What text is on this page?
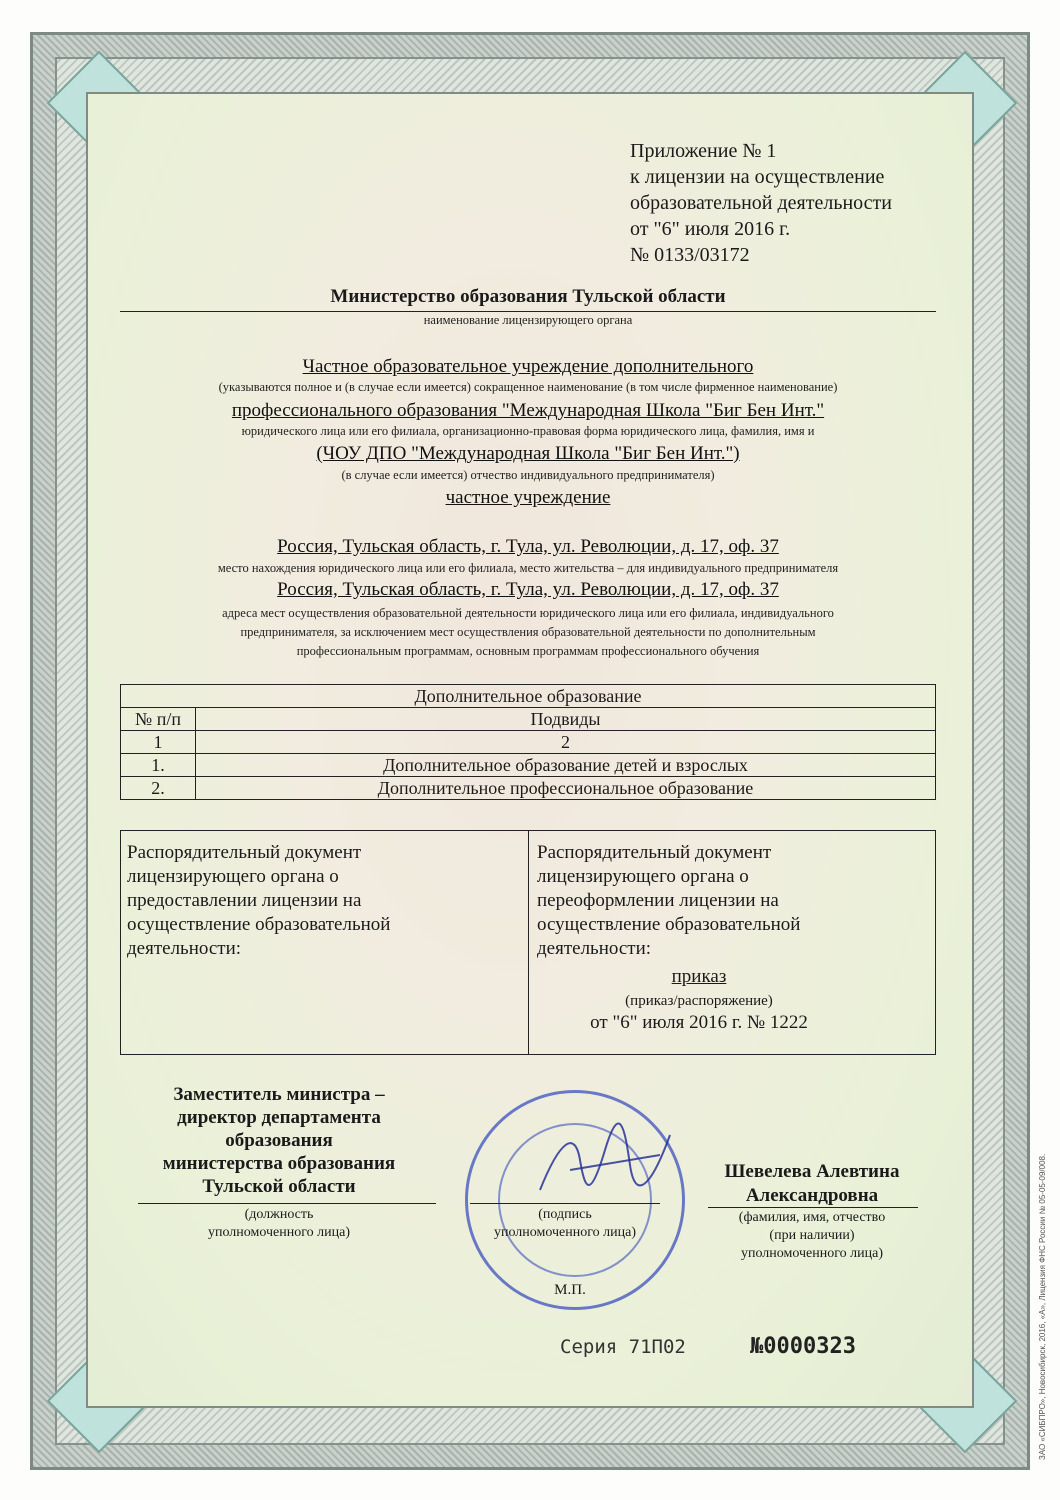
Приложение № 1
к лицензии на осуществление
образовательной деятельности
от "6" июля 2016 г.
№ 0133/03172
Министерство образования Тульской области
наименование лицензирующего органа
Частное образовательное учреждение дополнительного
(указываются полное и (в случае если имеется) сокращенное наименование (в том числе фирменное наименование)
профессионального образования "Международная Школа "Биг Бен Инт."
юридического лица или его филиала, организационно-правовая форма юридического лица, фамилия, имя и
(ЧОУ ДПО "Международная Школа "Биг Бен Инт.")
(в случае если имеется) отчество индивидуального предпринимателя)
частное учреждение
Россия, Тульская область, г. Тула, ул. Революции, д. 17, оф. 37
место нахождения юридического лица или его филиала, место жительства – для индивидуального предпринимателя
Россия, Тульская область, г. Тула, ул. Революции, д. 17, оф. 37
адреса мест осуществления образовательной деятельности юридического лица или его филиала, индивидуального
предпринимателя, за исключением мест осуществления образовательной деятельности по дополнительным
профессиональным программам, основным программам профессионального обучения
Дополнительное образование	
№ п/п	Подвиды
1	2
1.	Дополнительное образование детей и взрослых
2.	Дополнительное профессиональное образование
Распорядительный документ
лицензирующего органа о
предоставлении лицензии на
осуществление образовательной
деятельности:
Распорядительный документ
лицензирующего органа о
переоформлении лицензии на
осуществление образовательной
деятельности:
приказ
(приказ/распоряжение)
от "6" июля 2016 г. № 1222
Заместитель министра –
директор департамента
образования
министерства образования
Тульской области
(должность
уполномоченного лица)
(подпись
уполномоченного лица)
М.П.
Шевелева Алевтина
Александровна
(фамилия, имя, отчество
(при наличии)
уполномоченного лица)
Серия 71П02	№0000323	ЗАО «СИБПРО», Новосибирск, 2016, «А», Лицензия ФНС России № 05-05-09/008.
